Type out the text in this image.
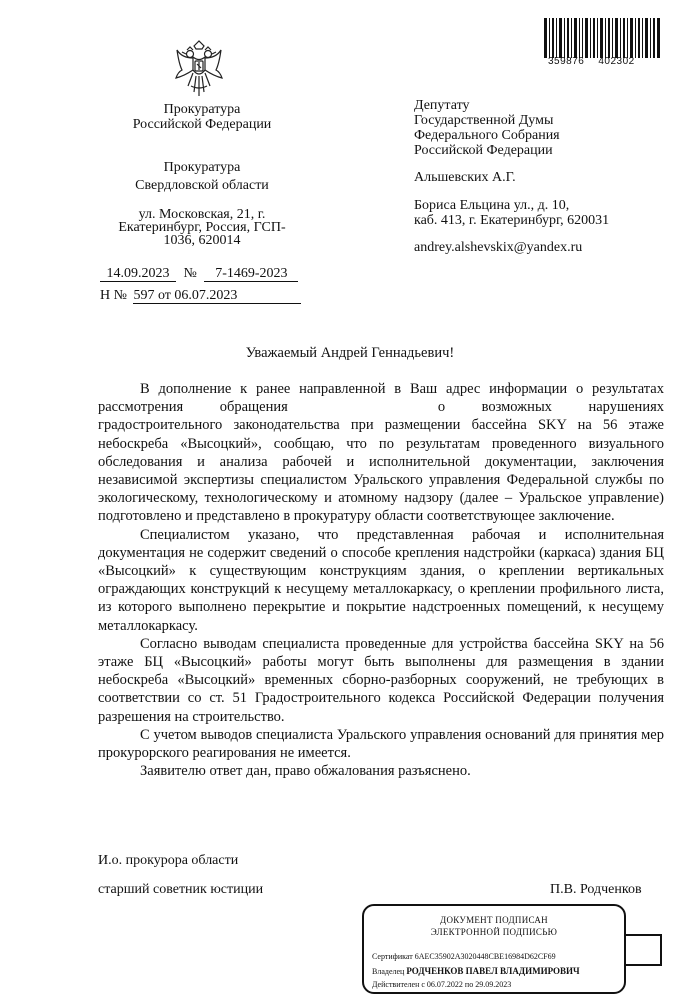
359876 402302
Прокуратура
Российской Федерации
Прокуратура
Свердловской области
ул. Московская, 21, г.
Екатеринбург, Россия, ГСП-
1036, 620014
14.09.2023 № 7-1469-2023
Н № 597 от 06.07.2023
Депутату
Государственной Думы
Федерального Собрания
Российской Федерации
Альшевских А.Г.
Бориса Ельцина ул., д. 10,
каб. 413, г. Екатеринбург, 620031
andrey.alshevskix@yandex.ru
Уважаемый Андрей Геннадьевич!

В дополнение к ранее направленной в Ваш адрес информации о результатах рассмотрения обращения	о возможных нарушениях градостроительного законодательства при размещении бассейна SKY на 56 этаже небоскреба «Высоцкий», сообщаю, что по результатам проведенного визуального обследования и анализа рабочей и исполнительной документации, заключения независимой экспертизы специалистом Уральского управления Федеральной службы по экологическому, технологическому и атомному надзору (далее – Уральское управление) подготовлено и представлено в прокуратуру области соответствующее заключение.

Специалистом указано, что представленная рабочая и исполнительная документация не содержит сведений о способе крепления надстройки (каркаса) здания БЦ «Высоцкий» к существующим конструкциям здания, о креплении вертикальных ограждающих конструкций к несущему металлокаркасу, о креплении профильного листа, из которого выполнено перекрытие и покрытие надстроенных помещений, к несущему металлокаркасу.

Согласно выводам специалиста проведенные для устройства бассейна SKY на 56 этаже БЦ «Высоцкий» работы могут быть выполнены для размещения в здании небоскреба «Высоцкий» временных сборно-разборных сооружений, не требующих в соответствии со ст. 51 Градостроительного кодекса Российской Федерации получения разрешения на строительство.

С учетом выводов специалиста Уральского управления оснований для принятия мер прокурорского реагирования не имеется.

Заявителю ответ дан, право обжалования разъяснено.

И.о. прокурора области
старший советник юстиции	П.В. Родченков
ДОКУМЕНТ ПОДПИСАН
ЭЛЕКТРОННОЙ ПОДПИСЬЮ
Сертификат 6AEC35902A3020448CBE16984D62CF69
Владелец РОДЧЕНКОВ ПАВЕЛ ВЛАДИМИРОВИЧ
Действителен с 06.07.2022 по 29.09.2023
